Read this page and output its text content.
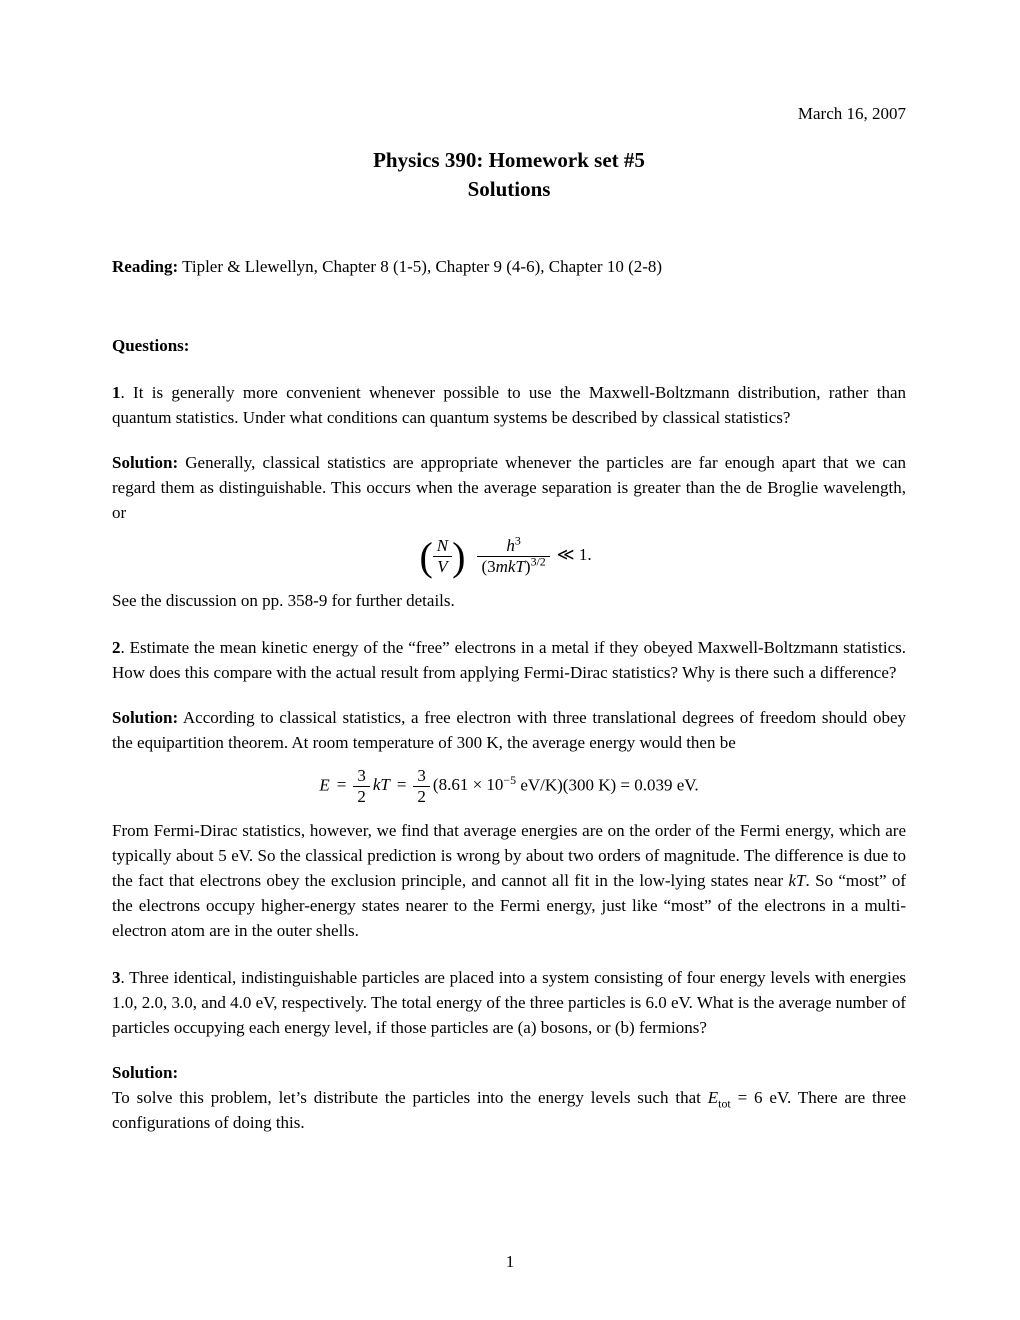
March 16, 2007

Physics 390: Homework set #5
Solutions

Reading: Tipler & Llewellyn, Chapter 8 (1-5), Chapter 9 (4-6), Chapter 10 (2-8)

Questions:

1. It is generally more convenient whenever possible to use the Maxwell-Boltzmann distribution, rather than quantum statistics. Under what conditions can quantum systems be described by classical statistics?

Solution: Generally, classical statistics are appropriate whenever the particles are far enough apart that we can regard them as distinguishable. This occurs when the average separation is greater than the de Broglie wavelength, or

( $\frac{N}{V}$ ) $\frac{h^3}{(3mkT)^{3/2}}$ ≪ 1.

See the discussion on pp. 358-9 for further details.

2. Estimate the mean kinetic energy of the “free” electrons in a metal if they obeyed Maxwell-Boltzmann statistics. How does this compare with the actual result from applying Fermi-Dirac statistics? Why is there such a difference?

Solution: According to classical statistics, a free electron with three translational degrees of freedom should obey the equipartition theorem. At room temperature of 300 K, the average energy would then be

$E = \frac{3}{2}$ kT = $\frac{3}{2} (8.61 \times 10^{-5}$ eV/K)(300 K) = 0.039 eV.

From Fermi-Dirac statistics, however, we find that average energies are on the order of the Fermi energy, which are typically about 5 eV. So the classical prediction is wrong by about two orders of magnitude. The difference is due to the fact that electrons obey the exclusion principle, and cannot all fit in the low-lying states near kT. So “most” of the electrons occupy higher-energy states nearer to the Fermi energy, just like “most” of the electrons in a multi-electron atom are in the outer shells.

3. Three identical, indistinguishable particles are placed into a system consisting of four energy levels with energies 1.0, 2.0, 3.0, and 4.0 eV, respectively. The total energy of the three particles is 6.0 eV. What is the average number of particles occupying each energy level, if those particles are (a) bosons, or (b) fermions?

Solution:

To solve this problem, let’s distribute the particles into the energy levels such that $E_{tot} = 6$ eV. There are three configurations of doing this.

1
